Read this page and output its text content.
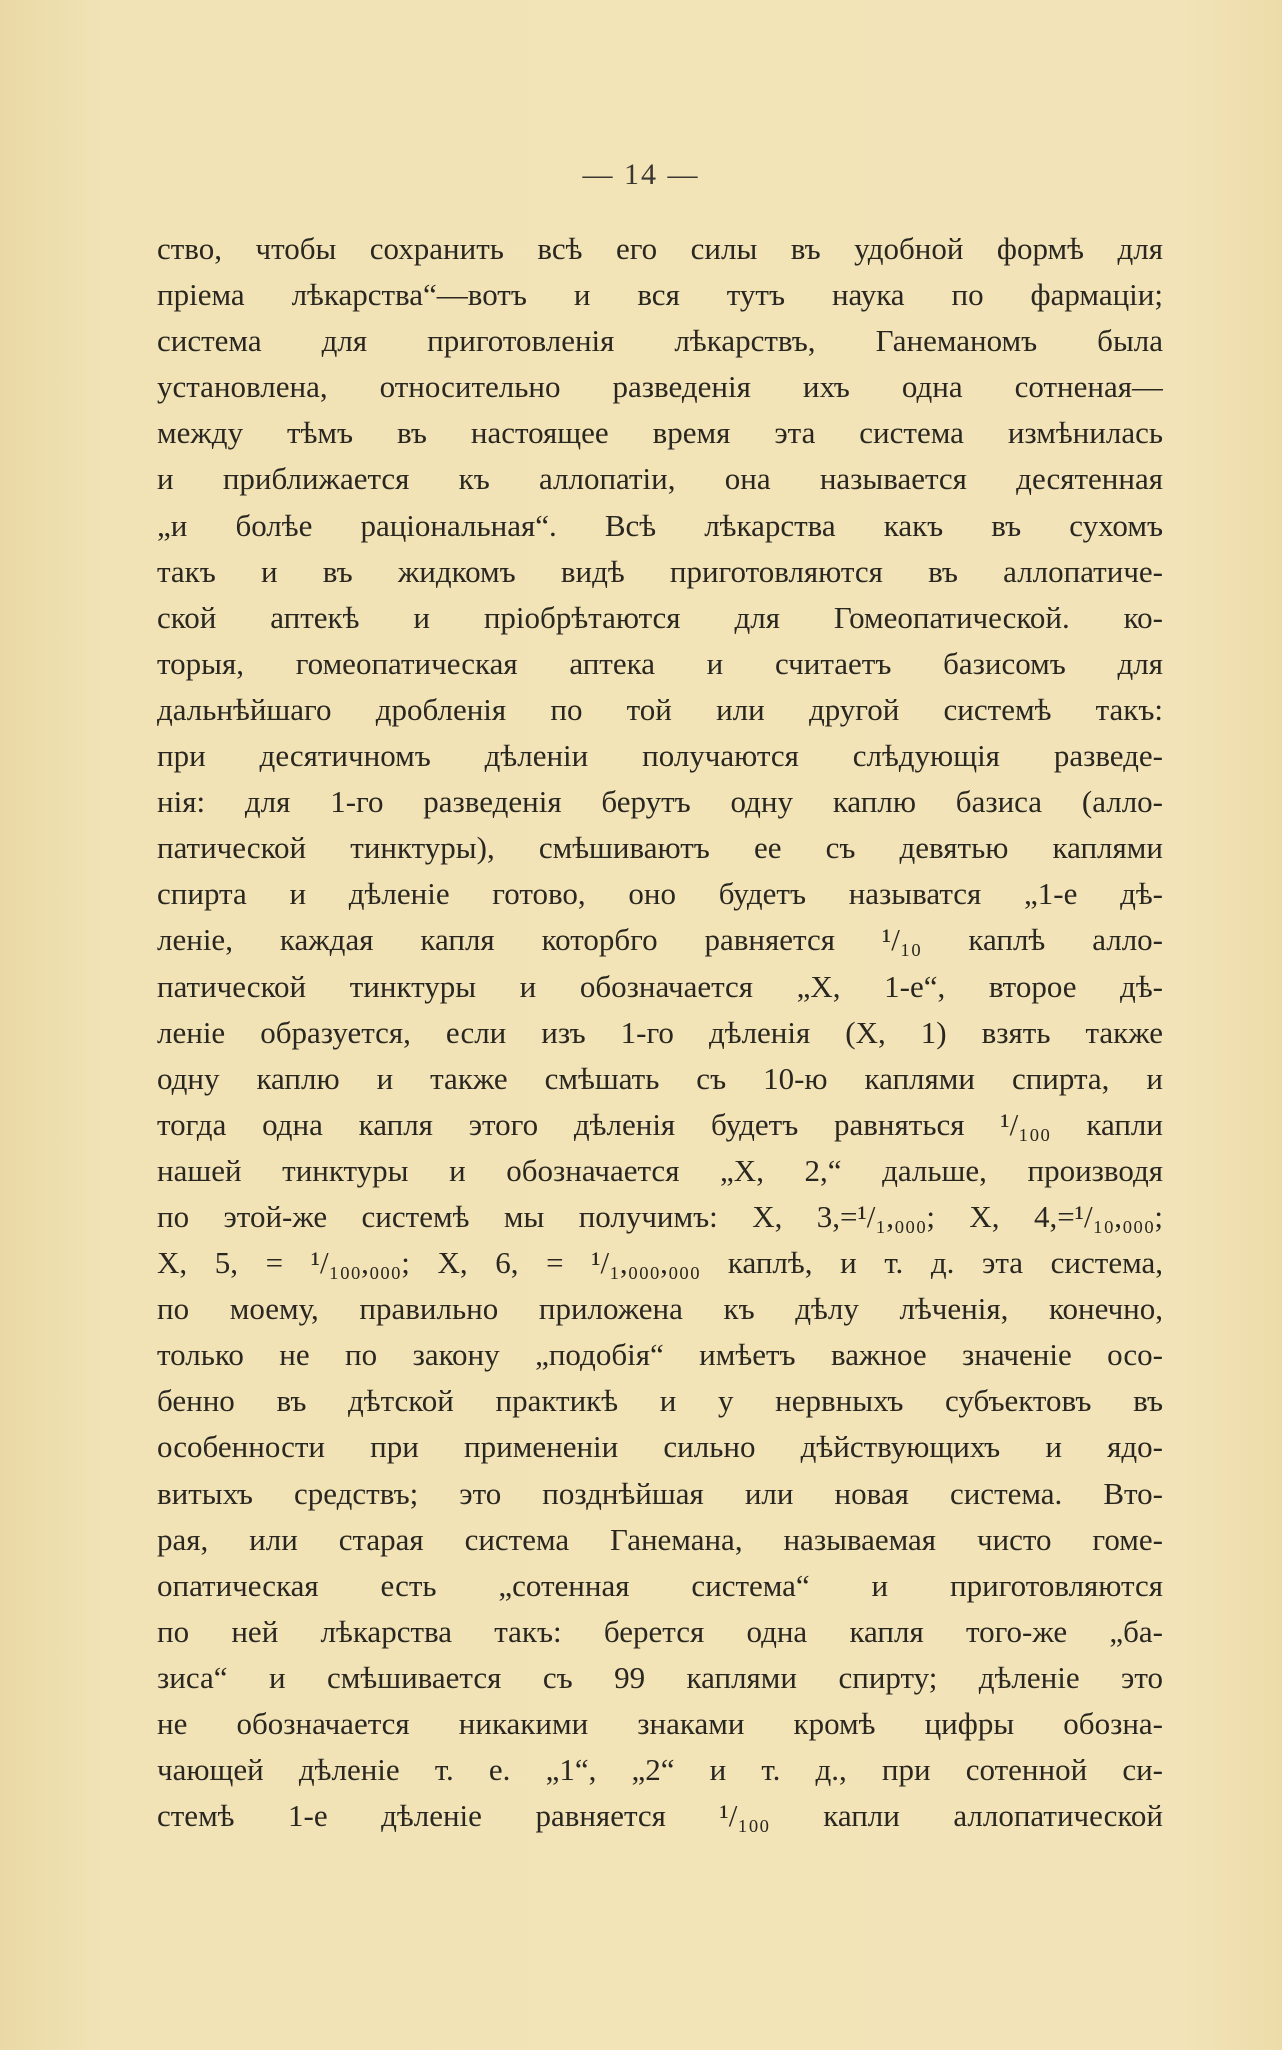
— 14 —
ство, чтобы сохранить всѣ его силы въ удобной формѣ для
пріема лѣкарства“—вотъ и вся тутъ наука по фармаціи;
система для приготовленія лѣкарствъ, Ганеманомъ была
установлена, относительно разведенія ихъ одна сотненая—
между тѣмъ въ настоящее время эта система измѣнилась
и приближается къ аллопатіи, она называется десятенная
„и болѣе раціональная“. Всѣ лѣкарства какъ въ сухомъ
такъ и въ жидкомъ видѣ приготовляются въ аллопатиче-
ской аптекѣ и пріобрѣтаются для Гомеопатической. ко-
торыя, гомеопатическая аптека и считаетъ базисомъ для
дальнѣйшаго дробленія по той или другой системѣ такъ:
при десятичномъ дѣленіи получаются слѣдующія разведе-
нія: для 1-го разведенія берутъ одну каплю базиса (алло-
патической тинктуры), смѣшиваютъ ее съ девятью каплями
спирта и дѣленіе готово, оно будетъ называтся „1-е дѣ-
леніе, каждая капля которбго равняется ¹/₁₀ каплѣ алло-
патической тинктуры и обозначается „X, 1-е“, второе дѣ-
леніе образуется, если изъ 1-го дѣленія (X, 1) взять также
одну каплю и также смѣшать съ 10-ю каплями спирта, и
тогда одна капля этого дѣленія будетъ равняться ¹/₁₀₀ капли
нашей тинктуры и обозначается „X, 2,“ дальше, производя
по этой-же системѣ мы получимъ: X, 3,=¹/₁,₀₀₀; X, 4,=¹/₁₀,₀₀₀;
X, 5, = ¹/₁₀₀,₀₀₀; X, 6, = ¹/₁,₀₀₀,₀₀₀ каплѣ, и т. д. эта система,
по моему, правильно приложена къ дѣлу лѣченія, конечно,
только не по закону „подобія“ имѣетъ важное значеніе осо-
бенно въ дѣтской практикѣ и у нервныхъ субъектовъ въ
особенности при примененіи сильно дѣйствующихъ и ядо-
витыхъ средствъ; это позднѣйшая или новая система. Вто-
рая, или старая система Ганемана, называемая чисто гоме-
опатическая есть „сотенная система“ и приготовляются
по ней лѣкарства такъ: берется одна капля того-же „ба-
зиса“ и смѣшивается съ 99 каплями спирту; дѣленіе это
не обозначается никакими знаками кромѣ цифры обозна-
чающей дѣленіе т. е. „1“, „2“ и т. д., при сотенной си-
стемѣ 1-е дѣленіе равняется ¹/₁₀₀ капли аллопатической
